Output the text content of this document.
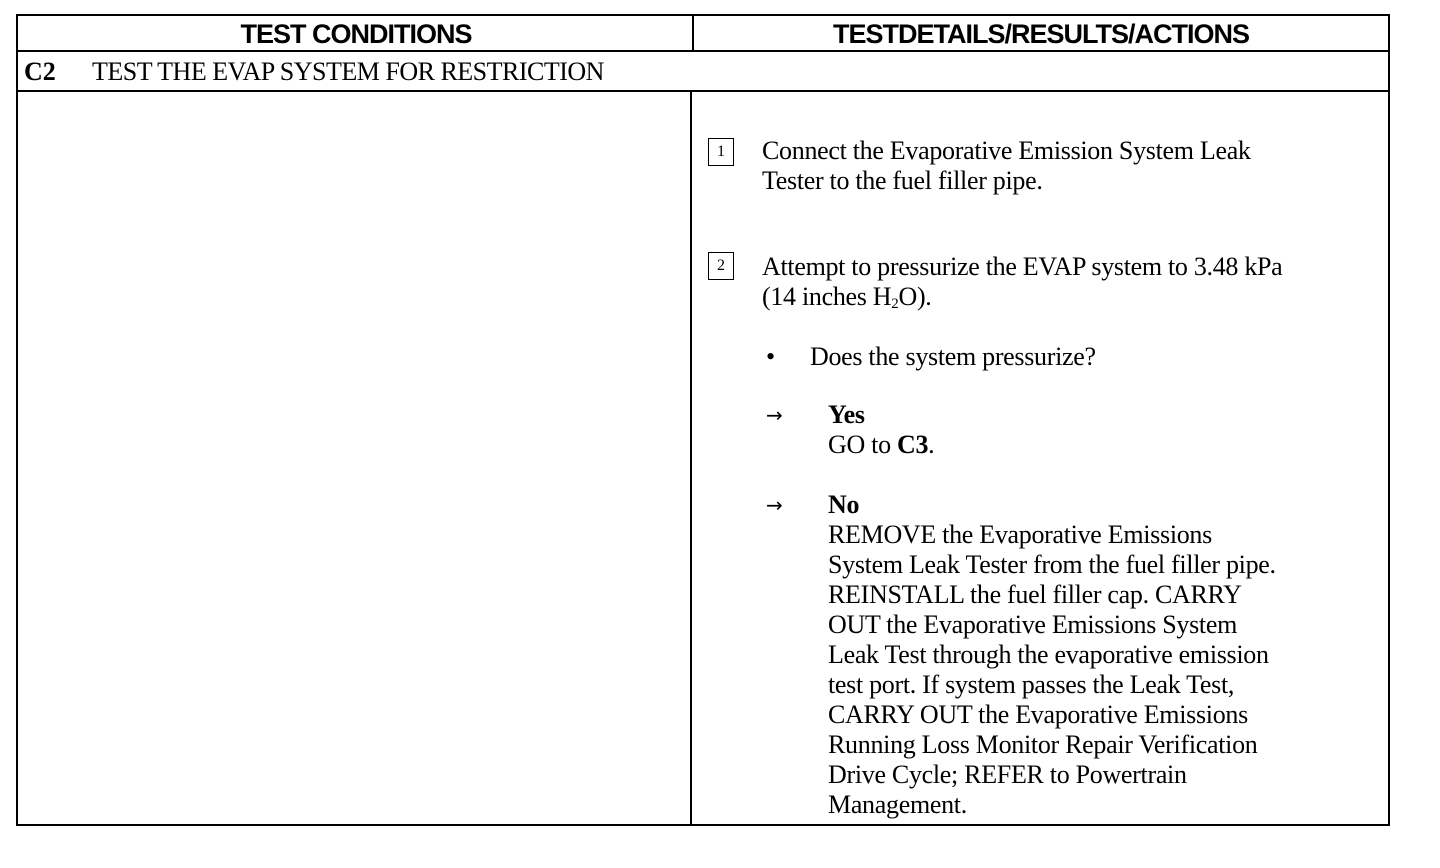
TEST CONDITIONS	TESTDETAILS/RESULTS/ACTIONS
C2 TEST THE EVAP SYSTEM FOR RESTRICTION
1	Connect the Evaporative Emission System Leak
Tester to the fuel filler pipe.
2	Attempt to pressurize the EVAP system to 3.48 kPa
(14 inches $H_2O$).
• Does the system pressurize?
→ Yes
GO to C3.
→ No
REMOVE the Evaporative Emissions
System Leak Tester from the fuel filler pipe.
REINSTALL the fuel filler cap. CARRY
OUT the Evaporative Emissions System
Leak Test through the evaporative emission
test port. If system passes the Leak Test,
CARRY OUT the Evaporative Emissions
Running Loss Monitor Repair Verification
Drive Cycle; REFER to Powertrain
Management.
